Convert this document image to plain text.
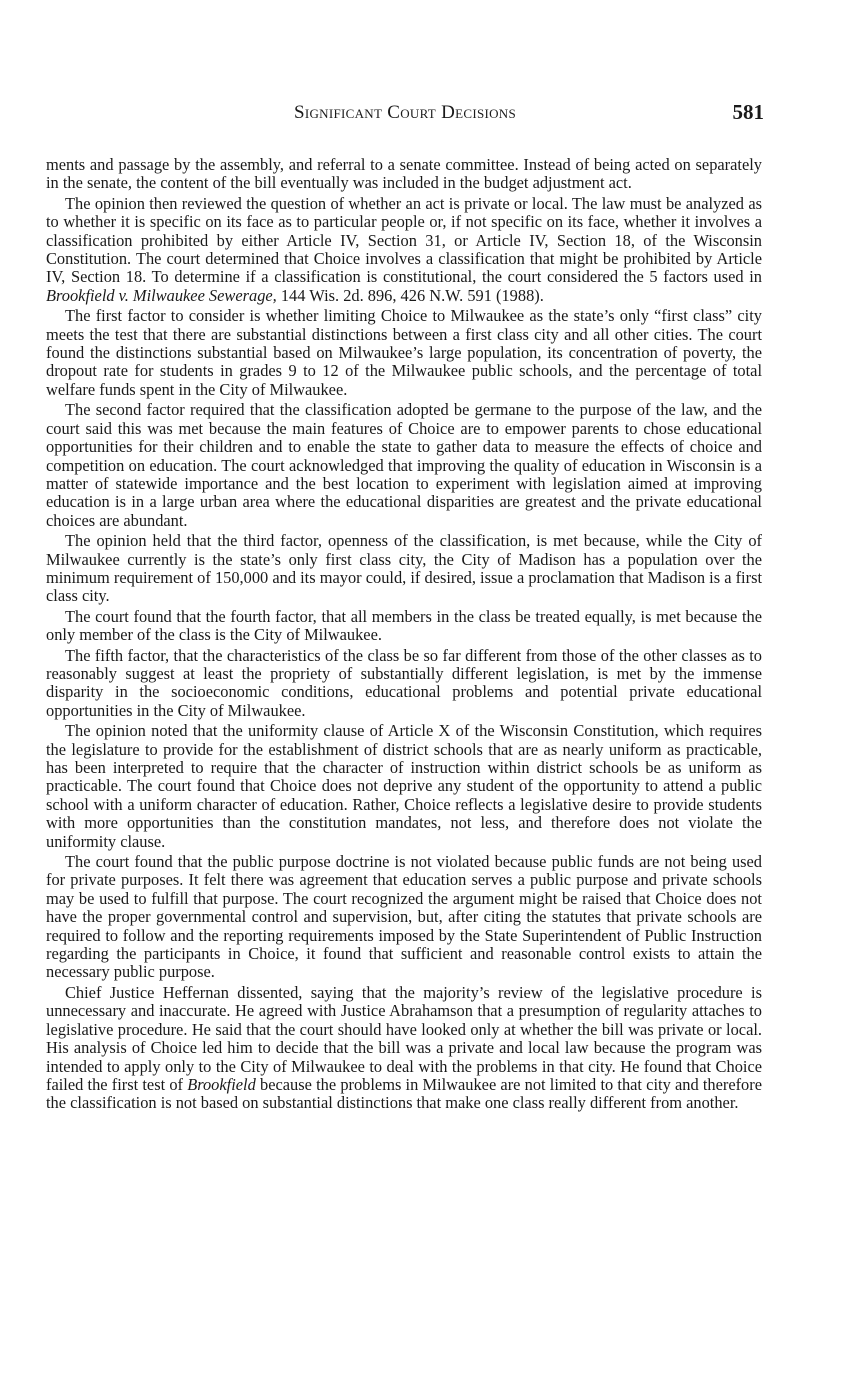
Significant Court Decisions	581

ments and passage by the assembly, and referral to a senate committee. Instead of being acted on separately in the senate, the content of the bill eventually was included in the budget adjustment act.

The opinion then reviewed the question of whether an act is private or local. The law must be analyzed as to whether it is specific on its face as to particular people or, if not specific on its face, whether it involves a classification prohibited by either Article IV, Section 31, or Article IV, Section 18, of the Wisconsin Constitution. The court determined that Choice involves a classification that might be prohibited by Article IV, Section 18. To determine if a classification is constitutional, the court considered the 5 factors used in Brookfield v. Milwaukee Sewerage, 144 Wis. 2d. 896, 426 N.W. 591 (1988).

The first factor to consider is whether limiting Choice to Milwaukee as the state’s only “first class” city meets the test that there are substantial distinctions between a first class city and all other cities. The court found the distinctions substantial based on Milwaukee’s large population, its concentration of poverty, the dropout rate for students in grades 9 to 12 of the Milwaukee public schools, and the percentage of total welfare funds spent in the City of Milwaukee.

The second factor required that the classification adopted be germane to the purpose of the law, and the court said this was met because the main features of Choice are to empower parents to chose educational opportunities for their children and to enable the state to gather data to measure the effects of choice and competition on education. The court acknowledged that improving the quality of education in Wisconsin is a matter of statewide importance and the best location to experiment with legislation aimed at improving education is in a large urban area where the educational disparities are greatest and the private educational choices are abundant.

The opinion held that the third factor, openness of the classification, is met because, while the City of Milwaukee currently is the state’s only first class city, the City of Madison has a population over the minimum requirement of 150,000 and its mayor could, if desired, issue a proclamation that Madison is a first class city.

The court found that the fourth factor, that all members in the class be treated equally, is met because the only member of the class is the City of Milwaukee.

The fifth factor, that the characteristics of the class be so far different from those of the other classes as to reasonably suggest at least the propriety of substantially different legislation, is met by the immense disparity in the socioeconomic conditions, educational problems and potential private educational opportunities in the City of Milwaukee.

The opinion noted that the uniformity clause of Article X of the Wisconsin Constitution, which requires the legislature to provide for the establishment of district schools that are as nearly uniform as practicable, has been interpreted to require that the character of instruction within district schools be as uniform as practicable. The court found that Choice does not deprive any student of the opportunity to attend a public school with a uniform character of education. Rather, Choice reflects a legislative desire to provide students with more opportunities than the constitution mandates, not less, and therefore does not violate the uniformity clause.

The court found that the public purpose doctrine is not violated because public funds are not being used for private purposes. It felt there was agreement that education serves a public purpose and private schools may be used to fulfill that purpose. The court recognized the argument might be raised that Choice does not have the proper governmental control and supervision, but, after citing the statutes that private schools are required to follow and the reporting requirements imposed by the State Superintendent of Public Instruction regarding the participants in Choice, it found that sufficient and reasonable control exists to attain the necessary public purpose.

Chief Justice Heffernan dissented, saying that the majority’s review of the legislative procedure is unnecessary and inaccurate. He agreed with Justice Abrahamson that a presumption of regularity attaches to legislative procedure. He said that the court should have looked only at whether the bill was private or local. His analysis of Choice led him to decide that the bill was a private and local law because the program was intended to apply only to the City of Milwaukee to deal with the problems in that city. He found that Choice failed the first test of Brookfield because the problems in Milwaukee are not limited to that city and therefore the classification is not based on substantial distinctions that make one class really different from another.
